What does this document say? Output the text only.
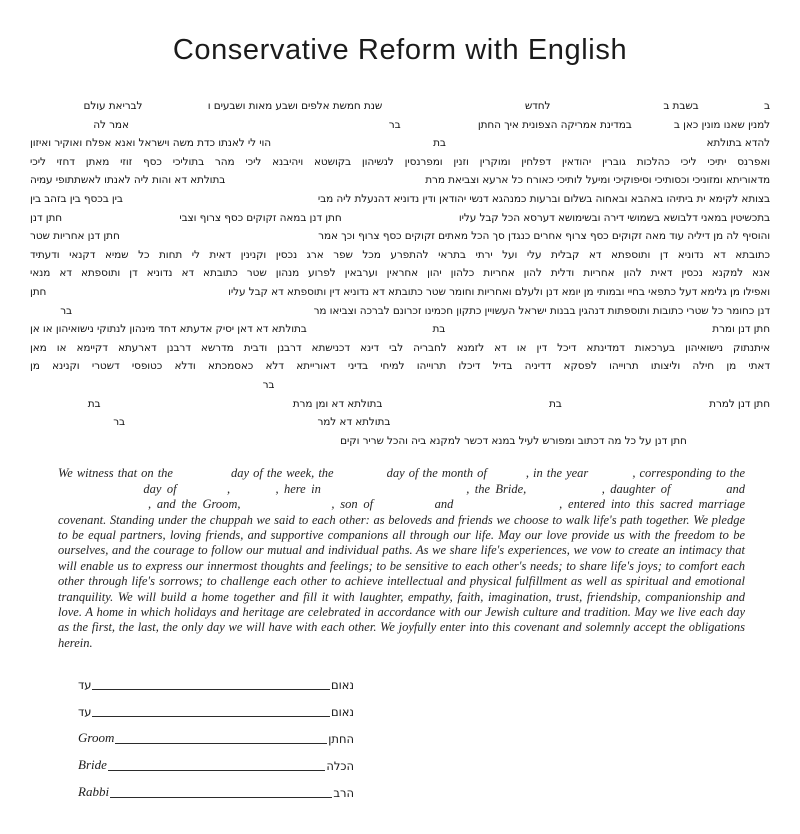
Conservative Reform with English
ב
בשבת ב
לחדש
שנת חמשת אלפים ושבע מאות ושבעים ו
לבריאת עולם
למנין שאנו מונין כאן ב
במדינת אמריקה הצפונית איך החתן
בר
אמר לה
להדא בתולתא
בת
הוי לי לאנתו כדת משה וישראל ואנא אפלח ואוקיר ואיזון
ואפרנס יתיכי ליכי כהלכות גוברין יהודאין דפלחין ומוקרין וזנין ומפרנסין לנשיהון בקושטא ויהיבנא ליכי מהר בתוליכי כסף זוזי מאתן דחזי ליכי
מדאוריתא ומזוניכי וכסותיכי וסיפוקיכי ומיעל לותיכי כאורח כל ארעא וצביאת מרת
בתולתא דא והות ליה לאנתו לאשתתופי עמיה
בצותא לקימא ית ביתיהו באהבא ובאחוה בשלום וברעות כמנהגא דנשי יהודאן ודין נדוניא דהנעלת ליה מבי
בין בכסף בין בזהב בין
בתכשיטין במאני דלבושא בשמושי דירה ובשימושא דערסא הכל קבל עליו
חתן דנן במאה זקוקים כסף צרוף וצבי
חתן דנן
והוסיף לה מן דיליה עוד מאה זקוקים כסף צרוף אחרים כנגדן סך הכל מאתים זקוקים כסף צרוף וכך אמר
חתן דנן אחריות שטר
כתובתא דא נדוניא דן ותוספתא דא קבלית עלי ועל ירתי בתראי להתפרע מכל שפר ארג נכסין וקנינין דאית לי תחות כל שמיא דקנאי ודעתיד
אנא למקנא נכסין דאית להון אחריות ודלית להון אחריות כלהון יהון אחראין וערבאין לפרוע מנהון שטר כתובתא דא נדוניא דן ותוספתא דא מנאי
ואפילו מן גלימא דעל כתפאי בחיי ובמותי מן יומא דנן ולעלם ואחריות וחומר שטר כתובתא דא נדוניא דין ותוספתא דא קבל עליו
חתן
דנן כחומר כל שטרי כתובות ותוספתות דנהגין בבנות ישראל העשויין כתקון חכמינו זכרונם לברכה וצביאו מר
בר
חתן דנן ומרת
בת
בתולתא דא דאן יסיק אדעתא דחד מינהון לנתוקי נישואיהון או אן
איתנתוק נישואיהון בערכאות דמדינתא דיכל דין או דא לזמנא לחבריה לבי דינא דכנישתא דרבנן ודבית מדרשא דרבנן דארעתא דקיימא או מאן
דאתי מן חילה וליצותו תרוייהו לפסקא דדיניה בדיל דיכלו תרוייהו למיחי בדיני דאורייתא דלא כאסמכתא ודלא כטופסי דשטרי וקנינא מן
בר
חתן דנן למרת
בת
בתולתא דא ומן מרת
בת
בתולתא דא למר
בר
חתן דנן על כל מה דכתוב ומפורש לעיל במנא דכשר למקנא ביה והכל שריר וקים
We witness that on the	day of the week, the	day of the month of	, in the year	, corresponding to the  day of	,	, here in	, the Bride,	, daughter of	and , and the Groom,	, son of	and	, entered into this sacred marriage covenant. Standing under the chuppah we said to each other: as beloveds and friends we choose to walk life's path together. We pledge to be equal partners, loving friends, and supportive companions all through our life. May our love provide us with the freedom to be ourselves, and the courage to follow our mutual and individual paths. As we share life's experiences, we vow to create an intimacy that will enable us to express our innermost thoughts and feelings; to be sensitive to each other's needs; to share life's joys; to comfort each other through life's sorrows; to challenge each other to achieve intellectual and physical fulfillment as well as spiritual and emotional tranquility. We will build a home together and fill it with laughter, empathy, faith, imagination, trust, friendship, companionship and love. A home in which holidays and heritage are celebrated in accordance with our Jewish culture and tradition. May we live each day as the first, the last, the only day we will have with each other. We joyfully enter into this covenant and solemnly accept the obligations herein.
עד	נאום
עד	נאום
Groom	החתן
Bride	הכלה
Rabbi	הרב
